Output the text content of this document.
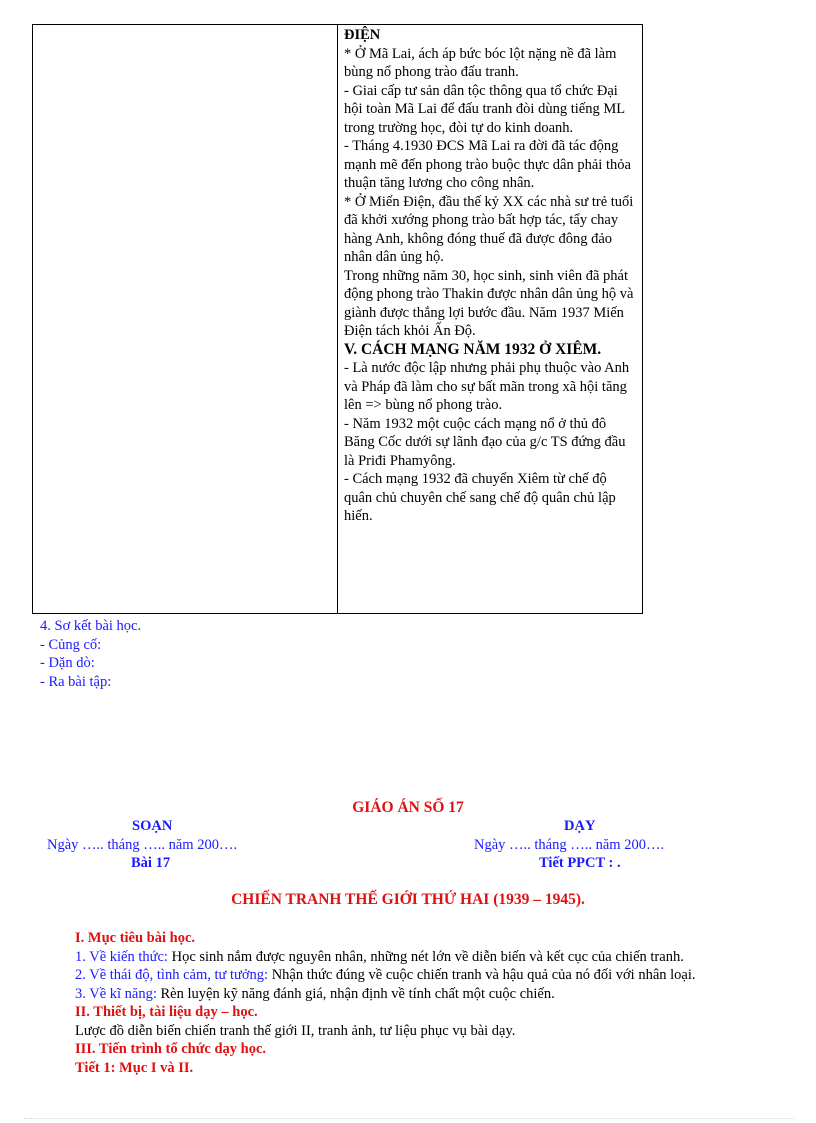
ĐIỆN

* Ở Mã Lai, ách áp bức bóc lột nặng nề đã làm bùng nổ phong trào đấu tranh.

- Giai cấp tư sản dân tộc thông qua tổ chức Đại hội toàn Mã Lai để đấu tranh đòi dùng tiếng ML trong trường học, đòi tự do kinh doanh.

- Tháng 4.1930 ĐCS Mã Lai ra đời đã tác động mạnh mẽ đến phong trào buộc thực dân phải thỏa thuận tăng lương cho công nhân.

* Ở Miến Điện, đầu thế kỷ XX các nhà sư trẻ tuổi đã khởi xướng phong trào bất hợp tác, tẩy chay hàng Anh, không đóng thuế đã được đông đảo nhân dân ủng hộ.

Trong những năm 30, học sinh, sinh viên đã phát động phong trào Thakin được nhân dân ủng hộ và giành được thắng lợi bước đầu. Năm 1937 Miến Điện tách khỏi Ấn Độ.

V. CÁCH MẠNG NĂM 1932 Ở XIÊM.

- Là nước độc lập nhưng phải phụ thuộc vào Anh và Pháp đã làm cho sự bất mãn trong xã hội tăng lên => bùng nổ phong trào.

- Năm 1932 một cuộc cách mạng nổ ở thủ đô Băng Cốc dưới sự lãnh đạo của g/c TS đứng đầu là Priđi Phamyông.

- Cách mạng 1932 đã chuyển Xiêm từ chế độ quân chủ chuyên chế sang chế độ quân chủ lập hiến.

4. Sơ kết bài học.

- Củng cố:

- Dặn dò:

- Ra bài tập:

GIÁO ÁN SỐ 17
SOẠN	DẠY
Ngày ….. tháng ….. năm 200….	Ngày ….. tháng ….. năm 200….
Bài 17	Tiết PPCT : .
CHIẾN TRANH THẾ GIỚI THỨ HAI (1939 – 1945).

I. Mục tiêu bài học.

1. Về kiến thức: Học sinh nắm được nguyên nhân, những nét lớn về diễn biến và kết cục của chiến tranh.

2. Về thái độ, tình cảm, tư tưởng: Nhận thức đúng về cuộc chiến tranh và hậu quả của nó đối với nhân loại.

3. Về kĩ năng: Rèn luyện kỹ năng đánh giá, nhận định về tính chất một cuộc chiến.

II. Thiết bị, tài liệu dạy – học.

Lược đồ diễn biến chiến tranh thế giới II, tranh ảnh, tư liệu phục vụ bài dạy.

III. Tiến trình tổ chức dạy học.

Tiết 1: Mục I và II.
